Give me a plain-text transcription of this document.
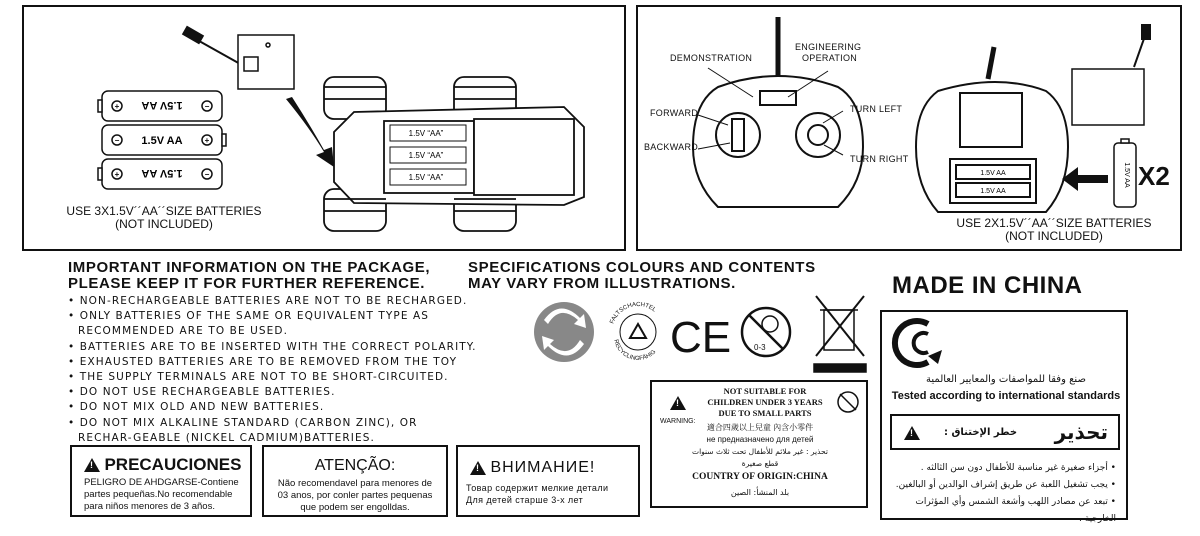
+	−
−	+
+	−
1.5V AA
1.5V AA
1.5V AA
1.5V “AA”
1.5V “AA”
1.5V “AA”
USE 3X1.5V´´AA´´SIZE BATTERIES
(NOT INCLUDED)
1.5V AA
1.5V AA
1.5V AA
DEMONSTRATION
ENGINEERING
OPERATION
FORWARD
BACKWARD
TURN LEFT
TURN RIGHT
X2
USE 2X1.5V´´AA´´SIZE BATTERIES
(NOT INCLUDED)
IMPORTANT INFORMATION ON THE PACKAGE,
PLEASE KEEP IT FOR FURTHER REFERENCE.
SPECIFICATIONS COLOURS AND CONTENTS
MAY VARY FROM ILLUSTRATIONS.
• NON-RECHARGEABLE BATTERIES ARE NOT TO BE RECHARGED.
• ONLY BATTERIES OF THE SAME OR EQUIVALENT TYPE AS
RECOMMENDED ARE TO BE USED.
• BATTERIES ARE TO BE INSERTED WITH THE CORRECT POLARITY.
• EXHAUSTED BATTERIES ARE TO BE REMOVED FROM THE TOY
• THE SUPPLY TERMINALS ARE NOT TO BE SHORT-CIRCUITED.
• DO NOT USE RECHARGEABLE BATTERIES.
• DO NOT MIX OLD AND NEW BATTERIES.
• DO NOT MIX ALKALINE STANDARD (CARBON ZINC), OR
RECHAR-GEABLE (NICKEL CADMIUM)BATTERIES.
FALTSCHACHTEL
RECYCLINGFÄHIG CE	0-3
MADE IN CHINA
صنع وفقا للمواصفات والمعايير العالمية
Tested according to international standards
!
خطر الإختناق : تحذير
• أجزاء صغيرة غير مناسبة للأطفال دون سن الثالثه .
• يجب تشغيل اللعبة عن طريق إشراف الوالدين أو البالغين.
• تبعد عن مصادر اللهب وأشعة الشمس وأي المؤثرات الخارجية .
!
WARNING:
NOT SUITABLE FOR
CHILDREN UNDER 3 YEARS
DUE TO SMALL PARTS
適合四歲以上兒童 內含小零件
не предназначено для детей
تحذير : غير ملائم للأطفال تحت ثلاث سنوات
قطع صغيرة
COUNTRY OF ORIGIN:CHINA
بلد المنشأ: الصين
! PRECAUCIONES
PELIGRO DE AHDGARSE-Contiene
partes pequeñas.No recomendable
para niños menores de 3 años.
ATENÇÃO:
Não recomendavel para menores de
03 anos, por conler partes pequenas
que podem ser engolldas.
! ВНИМАНИЕ!
Товар содержит мелкие детали
Для детей старше 3-х лет
